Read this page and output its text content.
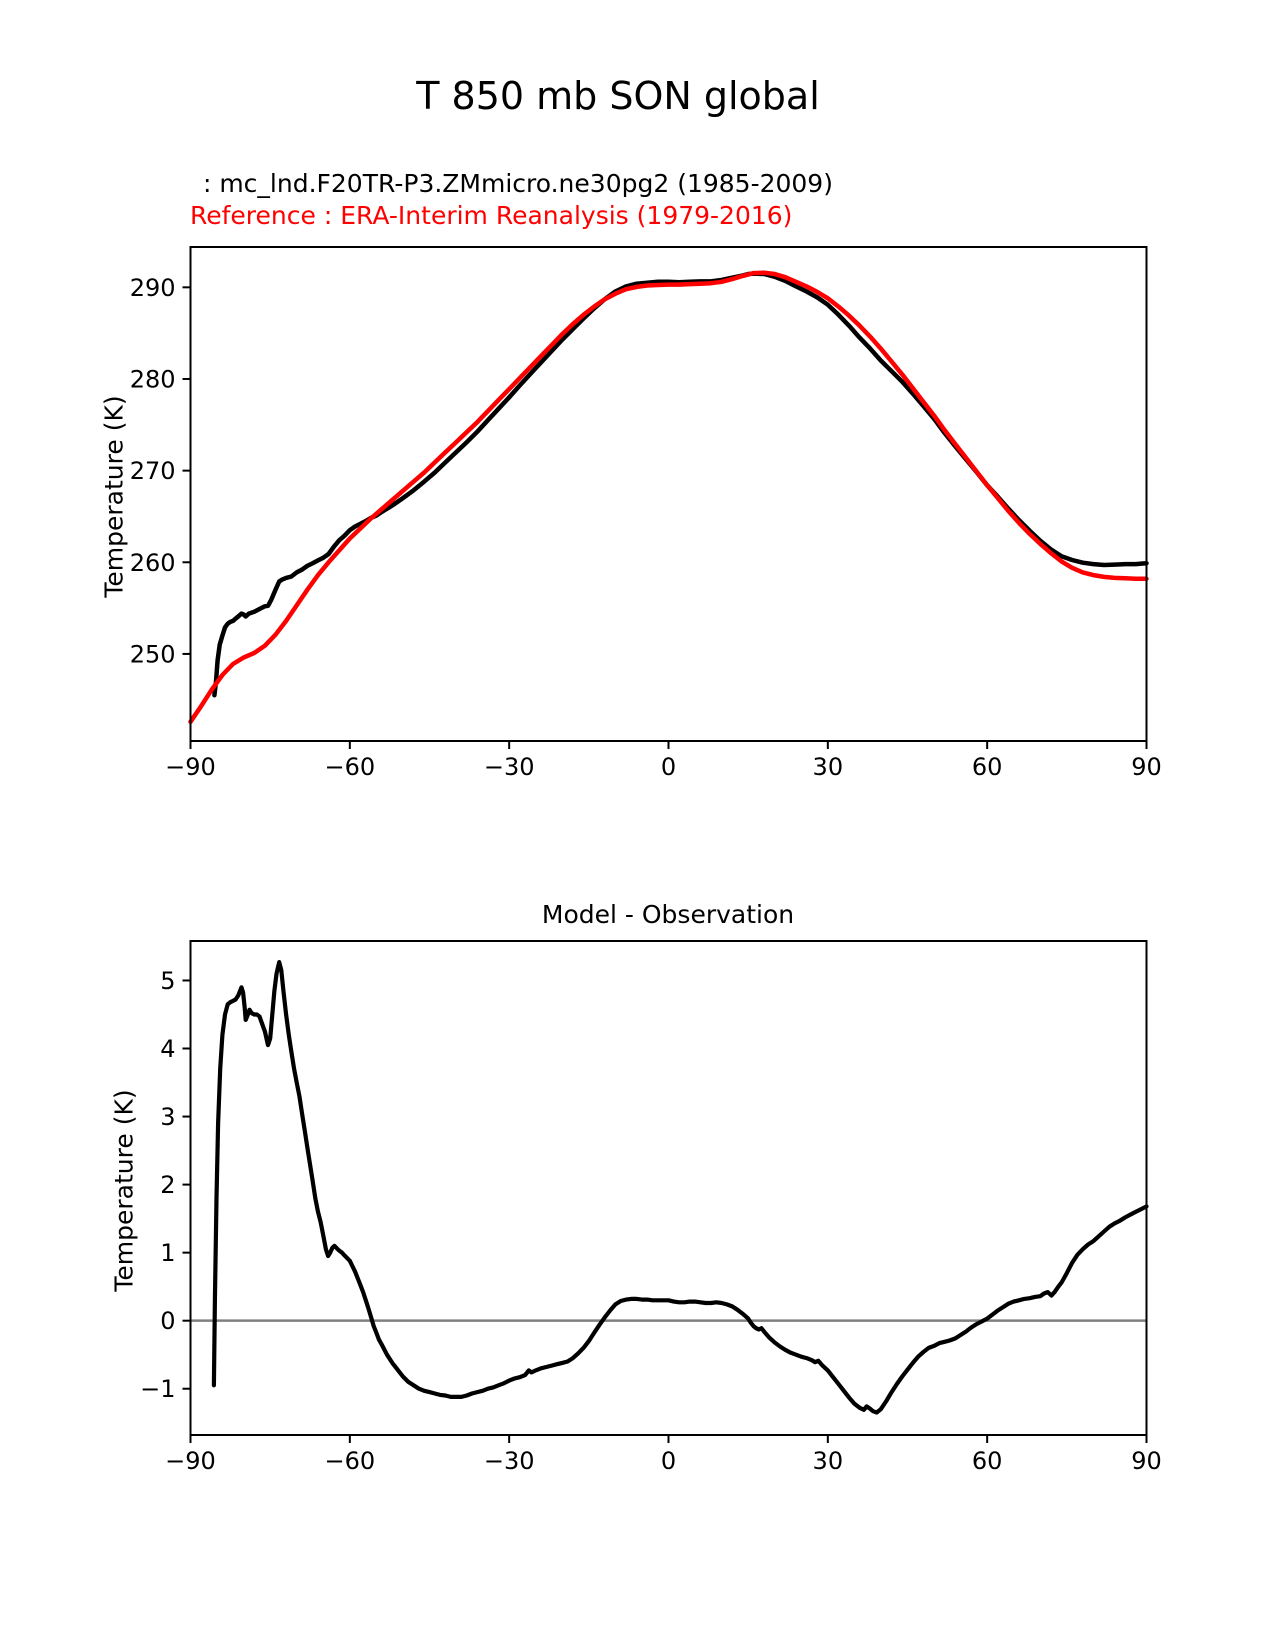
T 850 mb SON global
: mc_lnd.F20TR-P3.ZMmicro.ne30pg2 (1985-2009)
Reference : ERA-Interim Reanalysis (1979-2016)
Temperature (K)
Model - Observation
Temperature (K)
−90	−60	−30	0	30	60	90
250
260
270
280
290
−90	−60	−30	0	30	60	90
−1
0
1
2
3
4
5
